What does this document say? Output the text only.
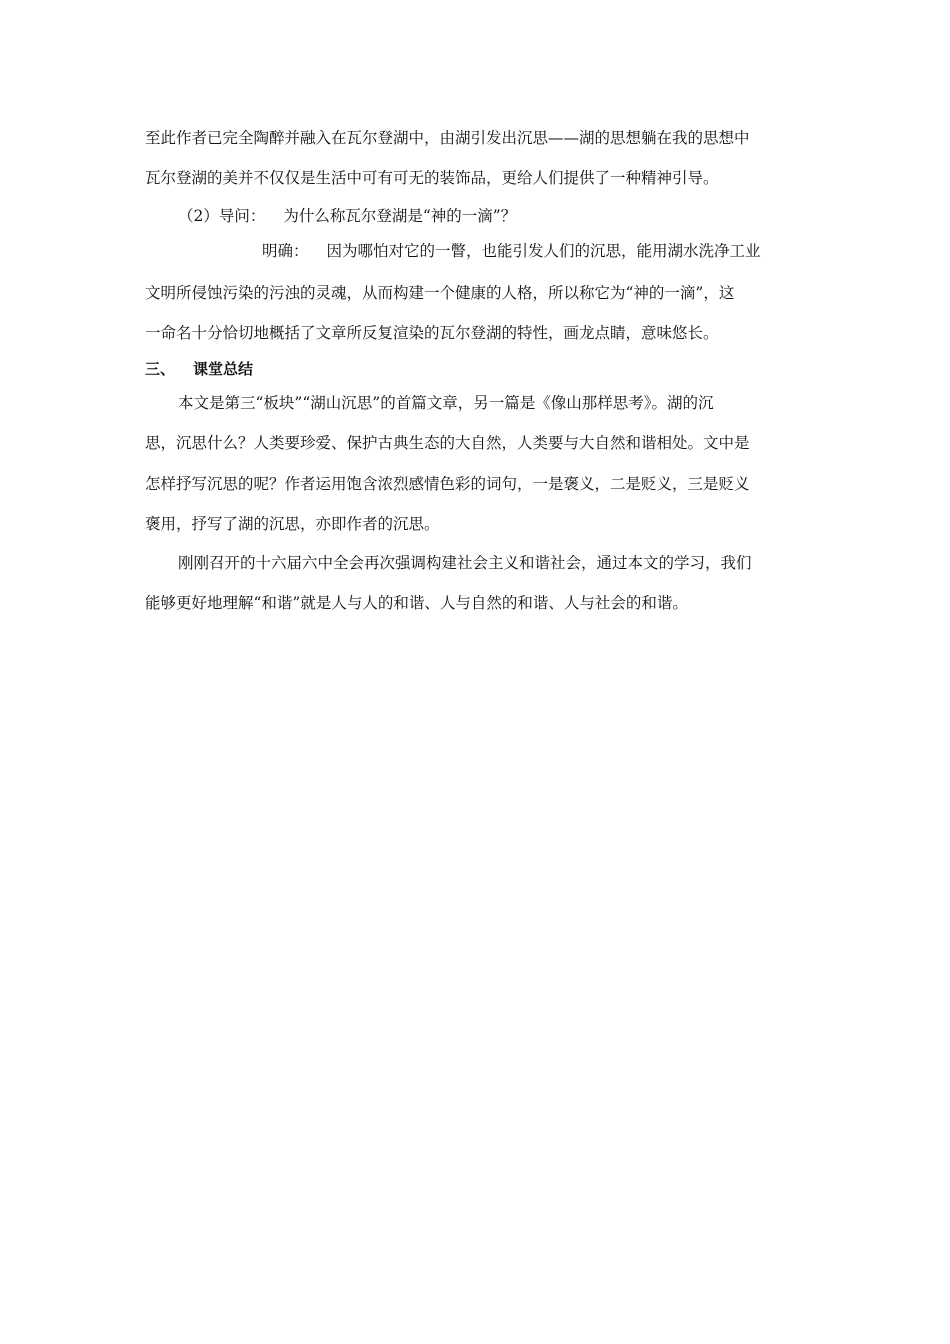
至此作者已完全陶醉并融入在瓦尔登湖中，由湖引发出沉思——湖的思想躺在我的思想中
瓦尔登湖的美并不仅仅是生活中可有可无的装饰品，更给人们提供了一种精神引导。
（2）导问： 为什么称瓦尔登湖是“神的一滴”？
明确： 因为哪怕对它的一瞥，也能引发人们的沉思，能用湖水洗净工业
文明所侵蚀污染的污浊的灵魂，从而构建一个健康的人格，所以称它为“神的一滴”，这
一命名十分恰切地概括了文章所反复渲染的瓦尔登湖的特性，画龙点睛，意味悠长。
三、 课堂总结
本文是第三“板块”“湖山沉思”的首篇文章，另一篇是《像山那样思考》。湖的沉
思，沉思什么？人类要珍爱、保护古典生态的大自然，人类要与大自然和谐相处。文中是
怎样抒写沉思的呢？作者运用饱含浓烈感情色彩的词句，一是褒义，二是贬义，三是贬义
褒用，抒写了湖的沉思，亦即作者的沉思。
刚刚召开的十六届六中全会再次强调构建社会主义和谐社会，通过本文的学习，我们
能够更好地理解“和谐”就是人与人的和谐、人与自然的和谐、人与社会的和谐。
